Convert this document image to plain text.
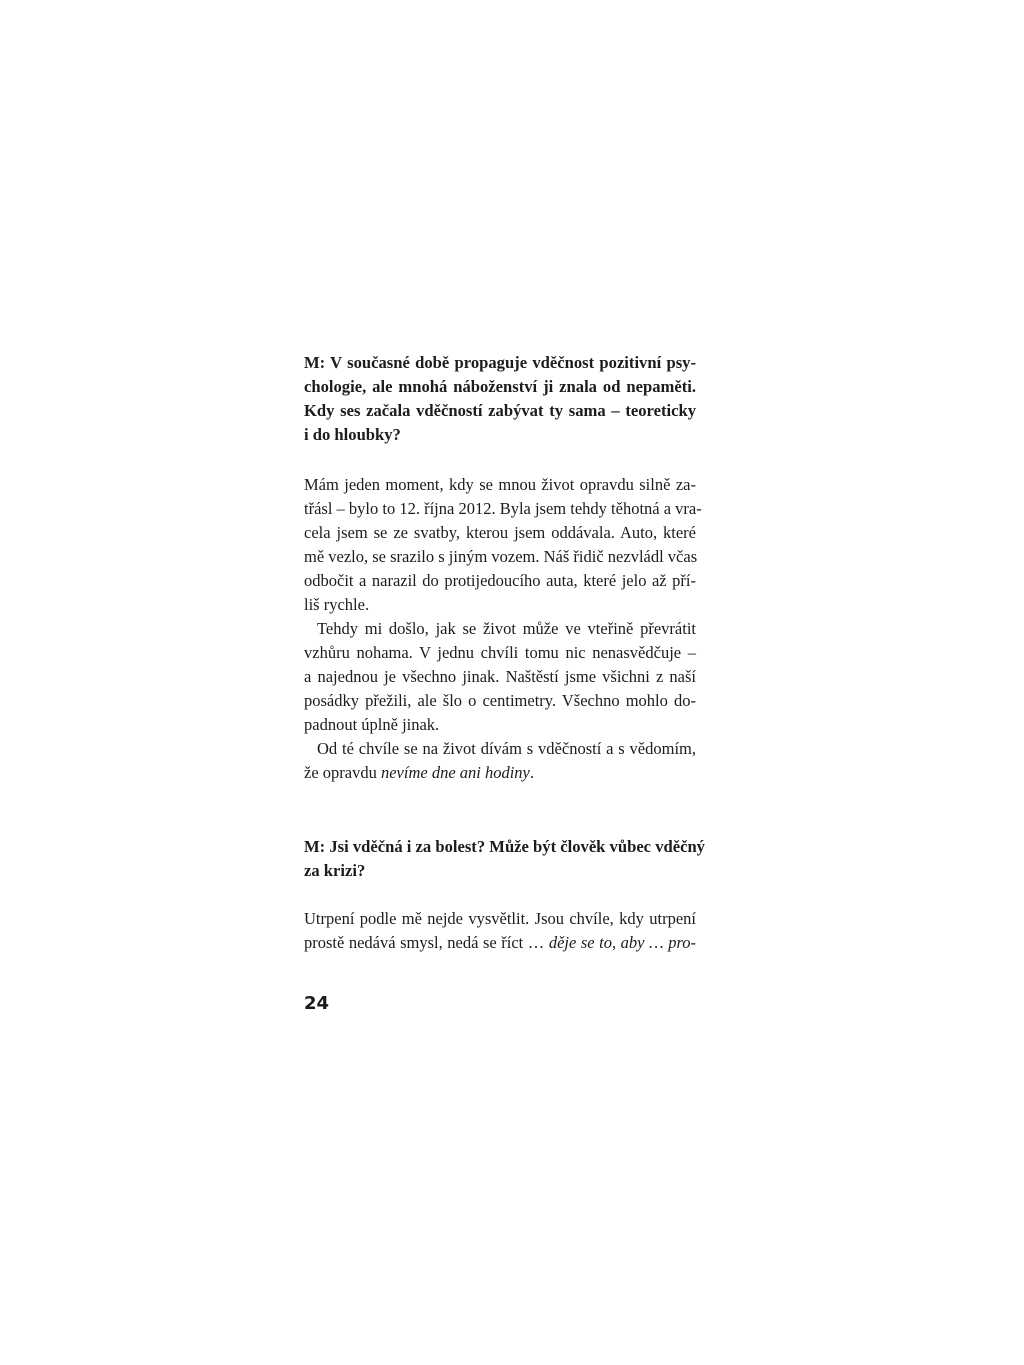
M: V současné době propaguje vděčnost pozitivní psy-
chologie, ale mnohá náboženství ji znala od nepaměti.
Kdy ses začala vděčností zabývat ty sama – teoreticky
i do hloubky?
Mám jeden moment, kdy se mnou život opravdu silně za-
třásl – bylo to 12. října 2012. Byla jsem tehdy těhotná a vra-
cela jsem se ze svatby, kterou jsem oddávala. Auto, které
mě vezlo, se srazilo s jiným vozem. Náš řidič nezvládl včas
odbočit a narazil do protijedoucího auta, které jelo až pří-
liš rychle.
Tehdy mi došlo, jak se život může ve vteřině převrátit
vzhůru nohama. V jednu chvíli tomu nic nenasvědčuje –
a najednou je všechno jinak. Naštěstí jsme všichni z naší
posádky přežili, ale šlo o centimetry. Všechno mohlo do-
padnout úplně jinak.
Od té chvíle se na život dívám s vděčností a s vědomím,
že opravdu nevíme dne ani hodiny.
M: Jsi vděčná i za bolest? Může být člověk vůbec vděčný
za krizi?
Utrpení podle mě nejde vysvětlit. Jsou chvíle, kdy utrpení
prostě nedává smysl, nedá se říct … děje se to, aby … pro-
24
